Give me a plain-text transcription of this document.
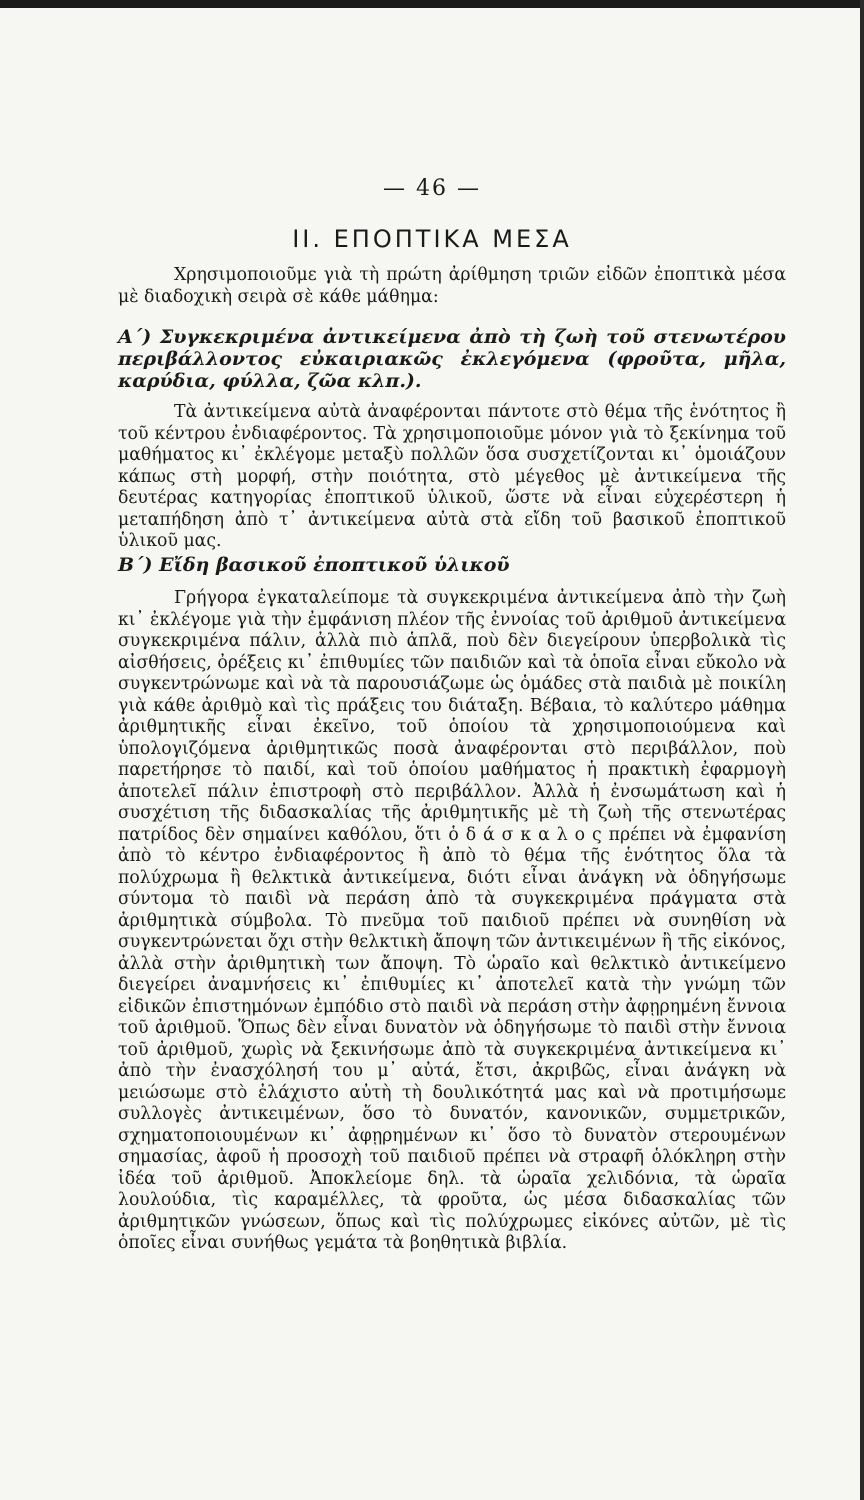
— 46 —
ΙΙ. ΕΠΟΠΤΙΚΑ ΜΕΣΑ
Χρησιμοποιοῦμε γιὰ τὴ πρώτη ἀρίθμηση τριῶν εἰδῶν ἐποπτικὰ μέσα μὲ διαδοχικὴ σειρὰ σὲ κάθε μάθημα:
Α΄) Συγκεκριμένα ἀντικείμενα ἀπὸ τὴ ζωὴ τοῦ στενωτέρου περιβάλλοντος εὐκαιριακῶς ἐκλεγόμενα (φροῦτα, μῆλα, καρύδια, φύλλα, ζῶα κλπ.).
Τὰ ἀντικείμενα αὐτὰ ἀναφέρονται πάντοτε στὸ θέμα τῆς ἑνότητος ἢ τοῦ κέντρου ἐνδιαφέροντος. Τὰ χρησιμοποιοῦμε μόνον γιὰ τὸ ξεκίνημα τοῦ μαθήματος κι᾿ ἐκλέγομε μεταξὺ πολλῶν ὅσα συσχετίζονται κι᾿ ὁμοιάζουν κάπως στὴ μορφή, στὴν ποιότητα, στὸ μέγεθος μὲ ἀντικείμενα τῆς δευτέρας κατηγορίας ἐποπτικοῦ ὑλικοῦ, ὥστε νὰ εἶναι εὐχερέστερη ἡ μεταπήδηση ἀπὸ τ᾿ ἀντικείμενα αὐτὰ στὰ εἴδη τοῦ βασικοῦ ἐποπτικοῦ ὑλικοῦ μας.
Β΄) Εἴδη βασικοῦ ἐποπτικοῦ ὑλικοῦ
Γρήγορα ἐγκαταλείπομε τὰ συγκεκριμένα ἀντικείμενα ἀπὸ τὴν ζωὴ κι᾿ ἐκλέγομε γιὰ τὴν ἐμφάνιση πλέον τῆς ἐννοίας τοῦ ἀριθμοῦ ἀντικείμενα συγκεκριμένα πάλιν, ἀλλὰ πιὸ ἁπλᾶ, ποὺ δὲν διεγείρουν ὑπερβολικὰ τὶς αἰσθήσεις, ὀρέξεις κι᾿ ἐπιθυμίες τῶν παιδιῶν καὶ τὰ ὁποῖα εἶναι εὔκολο νὰ συγκεντρώνωμε καὶ νὰ τὰ παρουσιάζωμε ὡς ὁμάδες στὰ παιδιὰ μὲ ποικίλη γιὰ κάθε ἀριθμὸ καὶ τὶς πράξεις του διάταξη. Βέβαια, τὸ καλύτερο μάθημα ἀριθμητικῆς εἶναι ἐκεῖνο, τοῦ ὁποίου τὰ χρησιμοποιούμενα καὶ ὑπολογιζόμενα ἀριθμητικῶς ποσὰ ἀναφέρονται στὸ περιβάλλον, ποὺ παρετήρησε τὸ παιδί, καὶ τοῦ ὁποίου μαθήματος ἡ πρακτικὴ ἐφαρμογὴ ἀποτελεῖ πάλιν ἐπιστροφὴ στὸ περιβάλλον. Ἀλλὰ ἡ ἐνσωμάτωση καὶ ἡ συσχέτιση τῆς διδασκαλίας τῆς ἀριθμητικῆς μὲ τὴ ζωὴ τῆς στενωτέρας πατρίδος δὲν σημαίνει καθόλου, ὅτι ὁ δ ά σ κ α λ ο ς πρέπει νὰ ἐμφανίση ἀπὸ τὸ κέντρο ἐνδιαφέροντος ἢ ἀπὸ τὸ θέμα τῆς ἑνότητος ὅλα τὰ πολύχρωμα ἢ θελκτικὰ ἀντικείμενα, διότι εἶναι ἀνάγκη νὰ ὁδηγήσωμε σύντομα τὸ παιδὶ νὰ περάση ἀπὸ τὰ συγκεκριμένα πράγματα στὰ ἀριθμητικὰ σύμβολα. Τὸ πνεῦμα τοῦ παιδιοῦ πρέπει νὰ συνηθίση νὰ συγκεντρώνεται ὄχι στὴν θελκτικὴ ἄποψη τῶν ἀντικειμένων ἢ τῆς εἰκόνος, ἀλλὰ στὴν ἀριθμητικὴ των ἄποψη. Τὸ ὡραῖο καὶ θελκτικὸ ἀντικείμενο διεγείρει ἀναμνήσεις κι᾿ ἐπιθυμίες κι᾿ ἀποτελεῖ κατὰ τὴν γνώμη τῶν εἰδικῶν ἐπιστημόνων ἐμπόδιο στὸ παιδὶ νὰ περάση στὴν ἀφῃρημένη ἔννοια τοῦ ἀριθμοῦ. Ὅπως δὲν εἶναι δυνατὸν νὰ ὁδηγήσωμε τὸ παιδὶ στὴν ἔννοια τοῦ ἀριθμοῦ, χωρὶς νὰ ξεκινήσωμε ἀπὸ τὰ συγκεκριμένα ἀντικείμενα κι᾿ ἀπὸ τὴν ἐνασχόλησή του μ᾿ αὐτά, ἔτσι, ἀκριβῶς, εἶναι ἀνάγκη νὰ μειώσωμε στὸ ἐλάχιστο αὐτὴ τὴ δουλικότητά μας καὶ νὰ προτιμήσωμε συλλογὲς ἀντικειμένων, ὅσο τὸ δυνατόν, κανονικῶν, συμμετρικῶν, σχηματοποιουμένων κι᾿ ἀφῃρημένων κι᾿ ὅσο τὸ δυνατὸν στερουμένων σημασίας, ἀφοῦ ἡ προσοχὴ τοῦ παιδιοῦ πρέπει νὰ στραφῆ ὁλόκληρη στὴν ἰδέα τοῦ ἀριθμοῦ. Ἀποκλείομε δηλ. τὰ ὡραῖα χελιδόνια, τὰ ὡραῖα λουλούδια, τὶς καραμέλλες, τὰ φροῦτα, ὡς μέσα διδασκαλίας τῶν ἀριθμητικῶν γνώσεων, ὅπως καὶ τὶς πολύχρωμες εἰκόνες αὐτῶν, μὲ τὶς ὁποῖες εἶναι συνήθως γεμάτα τὰ βοηθητικὰ βιβλία.
